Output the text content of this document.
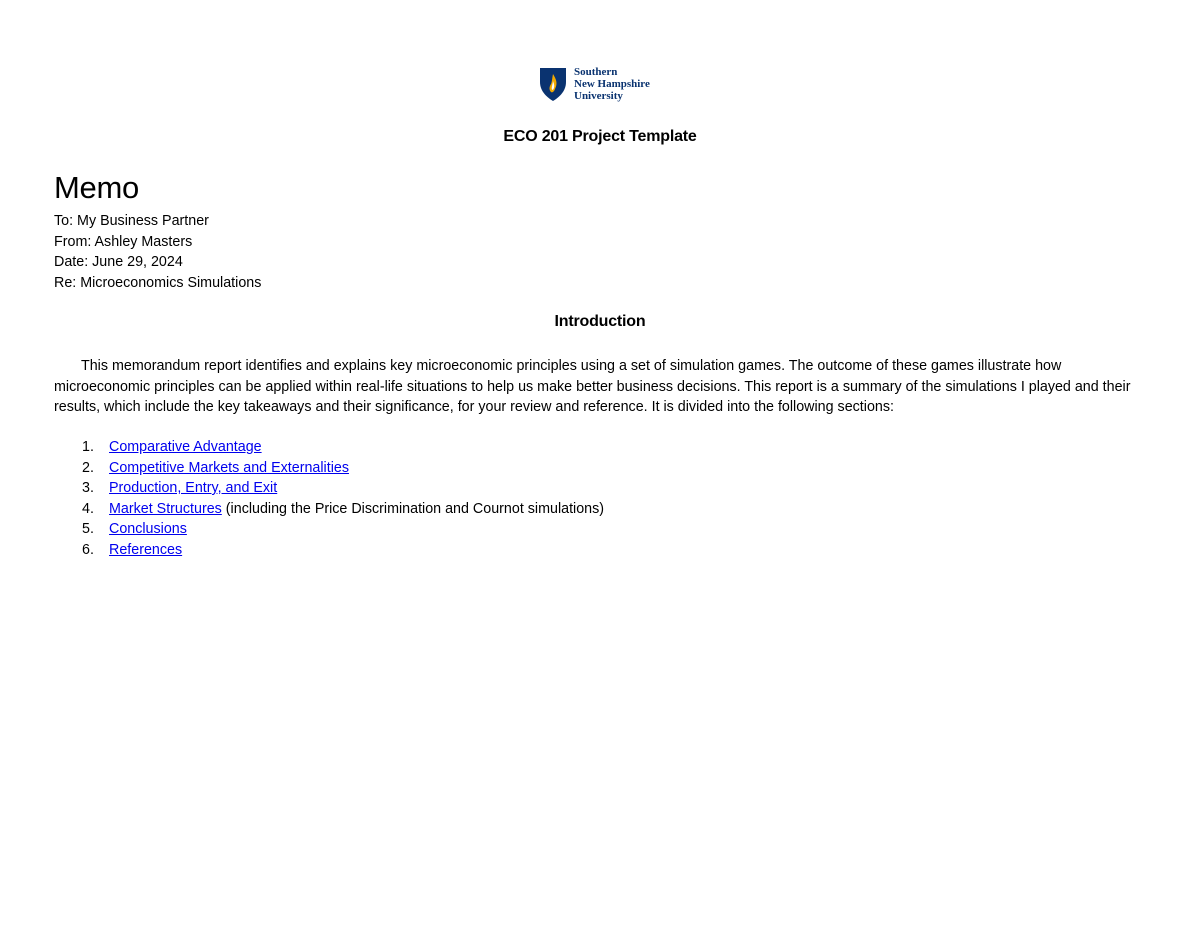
Southern
New Hampshire
University
ECO 201 Project Template
Memo
To: My Business Partner
From: Ashley Masters
Date: June 29, 2024
Re: Microeconomics Simulations
Introduction

This memorandum report identifies and explains key microeconomic principles using a set of simulation games. The outcome of these games illustrate how microeconomic principles can be applied within real-life situations to help us make better business decisions. This report is a summary of the simulations I played and their results, which include the key takeaways and their significance, for your review and reference. It is divided into the following sections:

1.	Comparative Advantage
2.	Competitive Markets and Externalities
3.	Production, Entry, and Exit
4.	Market Structures (including the Price Discrimination and Cournot simulations)
5.	Conclusions
6.	References
